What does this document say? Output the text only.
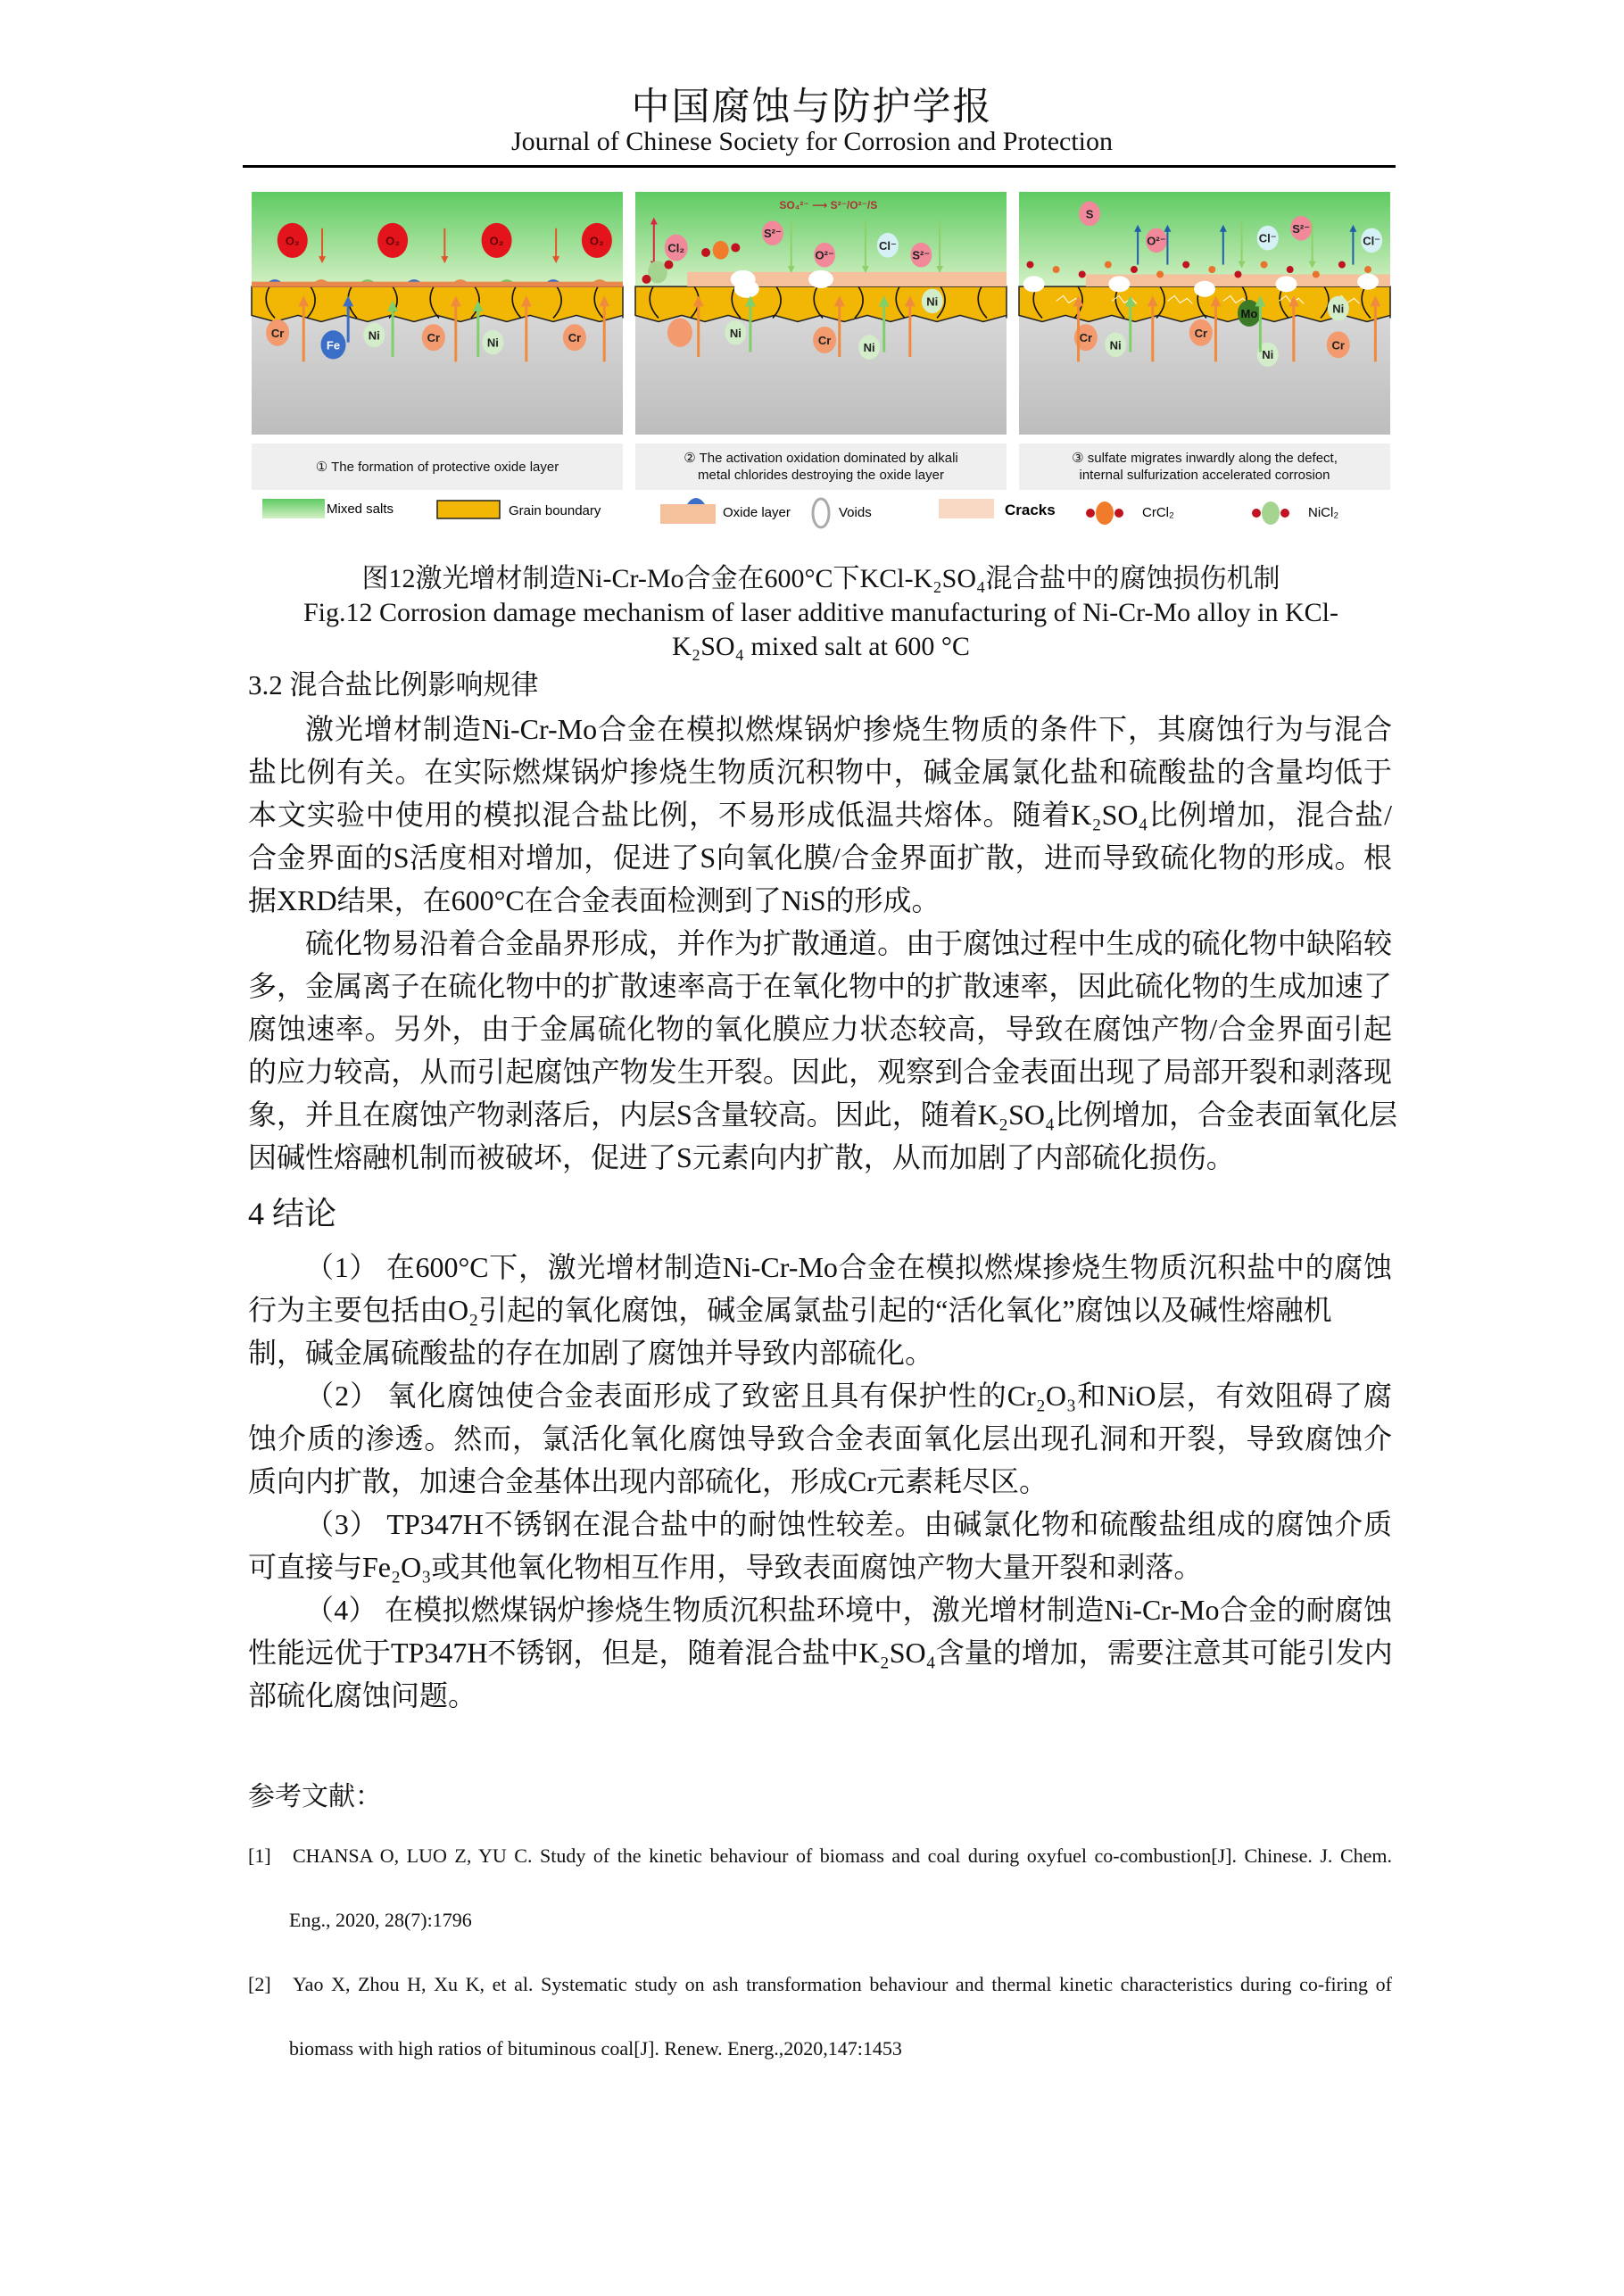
中国腐蚀与防护学报
Journal of Chinese Society for Corrosion and Protection
O₂	O₂	O₂	O₂
Cr
Fe
Ni	Cr	Ni	Cr
SO₄²⁻ ⟶ S²⁻/O²⁻/S
Cl₂
S²⁻
O²⁻
Cl⁻
S²⁻
Ni
Ni
Cr
Ni
S
O²⁻	Cl⁻
S²⁻
Cl⁻
Mo	Ni
Cr
Ni
Cr
Ni
Cr
① The formation of protective oxide layer
② The activation oxidation dominated by alkali
metal chlorides destroying the oxide layer
③ sulfate migrates inwardly along the defect,
internal sulfurization accelerated corrosion
Mixed salts	Grain boundary	Oxide layer	Voids	Cracks	CrCl₂	NiCl₂
图12激光增材制造Ni-Cr-Mo合金在600°C下KCl-K₂SO₄混合盐中的腐蚀损伤机制
Fig.12 Corrosion damage mechanism of laser additive manufacturing of Ni-Cr-Mo alloy in KCl-
K₂SO₄ mixed salt at 600 °C
3.2 混合盐比例影响规律
激光增材制造Ni-Cr-Mo合金在模拟燃煤锅炉掺烧生物质的条件下，其腐蚀行为与混合
盐比例有关。在实际燃煤锅炉掺烧生物质沉积物中，碱金属氯化盐和硫酸盐的含量均低于
本文实验中使用的模拟混合盐比例，不易形成低温共熔体。随着K₂SO₄比例增加，混合盐/
合金界面的S活度相对增加，促进了S向氧化膜/合金界面扩散，进而导致硫化物的形成。根
据XRD结果，在600°C在合金表面检测到了NiS的形成。
硫化物易沿着合金晶界形成，并作为扩散通道。由于腐蚀过程中生成的硫化物中缺陷较
多，金属离子在硫化物中的扩散速率高于在氧化物中的扩散速率，因此硫化物的生成加速了
腐蚀速率。另外，由于金属硫化物的氧化膜应力状态较高，导致在腐蚀产物/合金界面引起
的应力较高，从而引起腐蚀产物发生开裂。因此，观察到合金表面出现了局部开裂和剥落现
象，并且在腐蚀产物剥落后，内层S含量较高。因此，随着K₂SO₄比例增加，合金表面氧化层
因碱性熔融机制而被破坏，促进了S元素向内扩散，从而加剧了内部硫化损伤。
4 结论
（1） 在600°C下，激光增材制造Ni-Cr-Mo合金在模拟燃煤掺烧生物质沉积盐中的腐蚀
行为主要包括由O₂引起的氧化腐蚀，碱金属氯盐引起的“活化氧化”腐蚀以及碱性熔融机
制，碱金属硫酸盐的存在加剧了腐蚀并导致内部硫化。
（2） 氧化腐蚀使合金表面形成了致密且具有保护性的Cr₂O₃和NiO层，有效阻碍了腐
蚀介质的渗透。然而，氯活化氧化腐蚀导致合金表面氧化层出现孔洞和开裂，导致腐蚀介
质向内扩散，加速合金基体出现内部硫化，形成Cr元素耗尽区。
（3） TP347H不锈钢在混合盐中的耐蚀性较差。由碱氯化物和硫酸盐组成的腐蚀介质
可直接与Fe₂O₃或其他氧化物相互作用，导致表面腐蚀产物大量开裂和剥落。
（4） 在模拟燃煤锅炉掺烧生物质沉积盐环境中，激光增材制造Ni-Cr-Mo合金的耐腐蚀
性能远优于TP347H不锈钢，但是，随着混合盐中K₂SO₄含量的增加，需要注意其可能引发内
部硫化腐蚀问题。
参考文献：
[1]	CHANSA O, LUO Z, YU C. Study of the kinetic behaviour of biomass and coal during oxyfuel co-combustion[J]. Chinese. J. Chem.
Eng., 2020, 28(7):1796
[2]	Yao X, Zhou H, Xu K, et al. Systematic study on ash transformation behaviour and thermal kinetic characteristics during co-firing of
biomass with high ratios of bituminous coal[J]. Renew. Energ.,2020,147:1453
